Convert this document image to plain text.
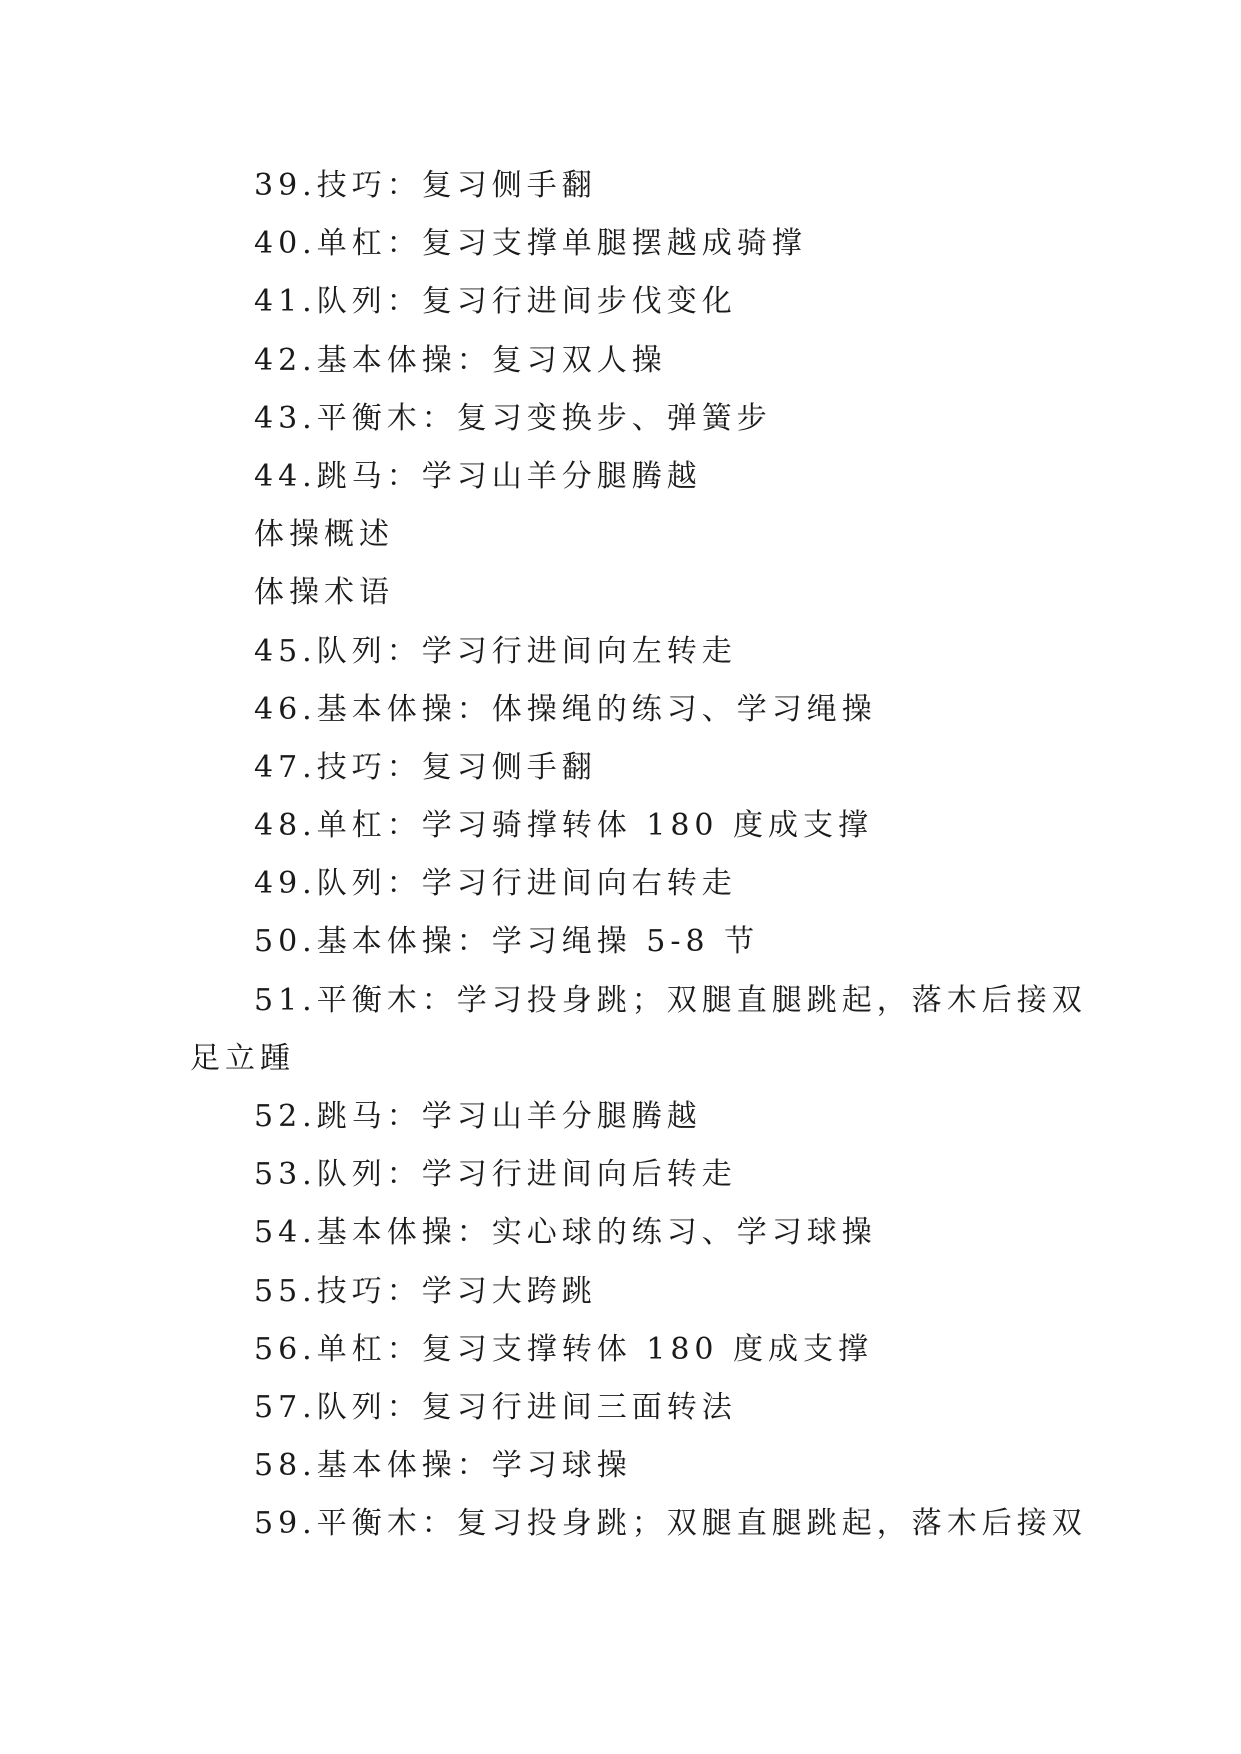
39.技巧：复习侧手翻
40.单杠：复习支撑单腿摆越成骑撑
41.队列：复习行进间步伐变化
42.基本体操：复习双人操
43.平衡木：复习变换步、弹簧步
44.跳马：学习山羊分腿腾越
体操概述
体操术语
45.队列：学习行进间向左转走
46.基本体操：体操绳的练习、学习绳操
47.技巧：复习侧手翻
48.单杠：学习骑撑转体 180 度成支撑
49.队列：学习行进间向右转走
50.基本体操：学习绳操 5-8 节
51.平衡木：学习投身跳；双腿直腿跳起，落木后接双
足立踵
52.跳马：学习山羊分腿腾越
53.队列：学习行进间向后转走
54.基本体操：实心球的练习、学习球操
55.技巧：学习大跨跳
56.单杠：复习支撑转体 180 度成支撑
57.队列：复习行进间三面转法
58.基本体操：学习球操
59.平衡木：复习投身跳；双腿直腿跳起，落木后接双
